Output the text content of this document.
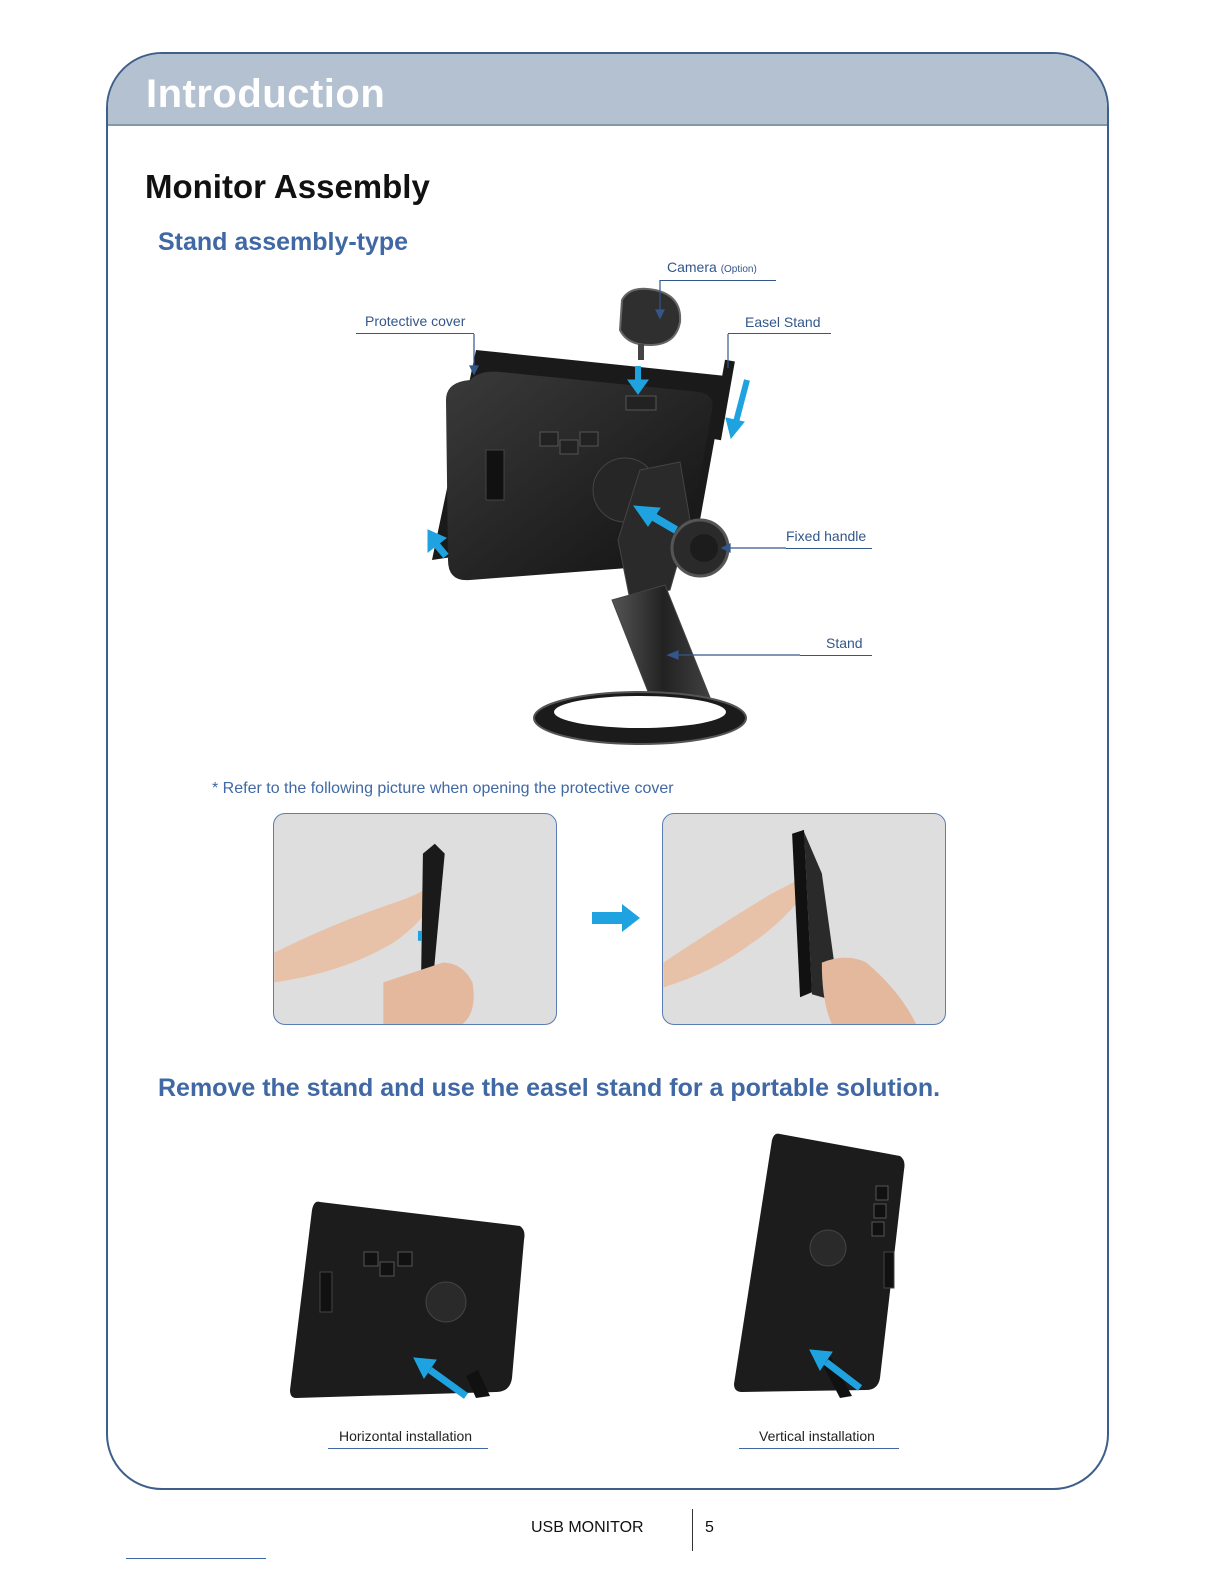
Introduction
Monitor Assembly
Stand assembly-type
Camera (Option)
Protective cover	Easel Stand
Fixed handle
Stand
* Refer to the following picture when opening the protective cover
Remove the stand and use the easel stand for a portable solution.
Horizontal installation	Vertical installation
USB MONITOR	5
